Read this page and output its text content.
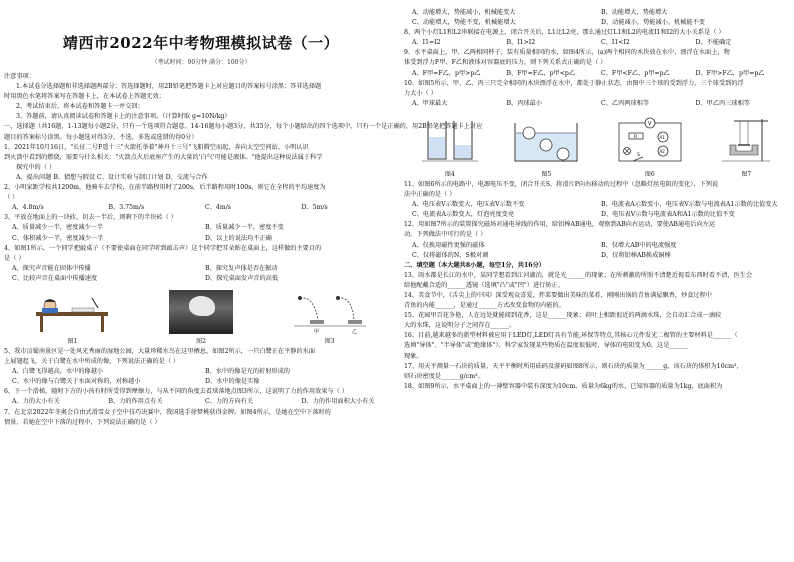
靖西市2022年中考物理模拟试卷（一）
（考试时间：90分钟 满分：100分）
注意事项：
1.本试卷分选择题和非选择题两部分；答选择题时，用2B铅笔把答题卡上对应题目的答案标号涂黑；答非选择题
时用黑色水笔将答案写在答题卡上，在本试卷上答题无效；
2、考试结束后，将本试卷和答题卡一并交回；
3、答题前，请认真阅读试卷和答题卡上的注意事项。（计算时取 g=10N/kg）
一、选择题（共16题，1-13题每小题2分，只有一个选项符合题意。14-16题每小题3分，共35分，每个小题给出的四个选项中，只有一个是正确的，用2B铅笔把答题卡上对应
题目的答案标号涂黑。每小题选对得3分，不选、多选或选错的得0分）
1、2021年10月16日，"长征二号F遥十三"火箭托举着"神舟十三号"飞船腾空而起，奔向太空空间站。小明认识
到火箭中看到的燃烧，需要与什么相关："火箭点火后底座产生的大量的'白气'可能是液体。"他提出这种说法属于科学
探究中的（ ）
A、提出问题 B、猜想与假设 C、设计实验与制订计划 D、交流与合作
2、小明家距学校共1200m，他骑车去学校，在前半路程用时了200s，后半路程用时100s，则它在全程的平均速度为
（ ）
A、4.8m/s	B、3.75m/s	C、4m/s	D、5m/s
3、平放在地面上的一块砖，切去一半后，则剩下的半块砖（ ）
A、质量减少一半，密度减少一半	B、质量减少一半，密度不变
C、体积减少一半，密度减少一半	D、以上的说法均不正确
4、如图1所示，一个同学把敲桌子（不要使桌面在同学听到敲击声）这个同学把耳朵贴在桌面上，这样做的主要目的
是（ ）
A、探究声音能在固体中传播	B、探究发声体是否在振动
C、比较声音在桌面中传播速度	D、探究桌面发声音的高低
图1	图2
甲	乙
图3
5、我市涪蜀南景区是一处风光秀丽的湿地公园，大量珍稀水鸟在这里栖息，如图2所示，一只白鹭正在平静的水面
上展翅起飞，关于白鹭在水中所成的像，下列说法正确的是（ ）
A、白鹭飞得越高，水中的像越小	B、水中的像是光的折射形成的
C、水中的像与白鹭关于水面对称的，对称越小	D、水中的像是实像
6、下一个滑梯，随时下方的小孩有时所受得到摩擦力，与从不同的角度去看球落地点图3所示，这说明了力的作用效果与（ ）
A、力的大小有关	B、力的作用点有关	C、力的方向有关	D、力的作用面积大小有关
7、在北京2022年冬奥会自由式滑雪女子空中技巧决赛中，我国选手徐梦桃获得金牌。如图4所示，是她在空中下落时的
情景，若她在空中下落的过程中，下列说法正确的是（ ）
A、动能增大，势能减小，机械能变大	B、动能增大，势能增大
C、动能增大，势能不变，机械能增大	D、动能减小，势能减小，机械能不变
8、两个小灯L1和L2串联接在电源上，闭合开关后，L1比L2亮，那么通过灯L1和L2的电流I1和I2的大小关系是（ ）
A、I1=I2	B、I1>I2	C、I1<I2	D、不能确定
9、水平桌面上，甲、乙两相同杯子，装有质量相同的水，如图4所示，(a)两个相同的木块放在水中，漂浮在水面上，物
体受到浮力F甲、F乙和液体对容器底的压力，则下列关系式正确的是（ ）
A、F甲=F乙，p甲>p乙	B、F甲=F乙，p甲<p乙	C、F甲<F乙，p甲=p乙	D、F甲>F乙，p甲=p乙
10、如图5所示，甲、乙、丙三只完全相同的木块漂浮在水中，都处于静止状态，由图中三个球的受到浮力，三个球受到的浮
力大小（ ）
A、甲球最大	B、丙球最小	C、乙丙两球相等	D、甲乙丙三球相等
图4	图5
V
A1
A2
R
S
图6	图7
11、如图6所示的电路中，电源电压不变，闭合开关S，将滑片P向右移动的过程中（忽略灯丝电阻的变化），下列说
法中正确的是（ ）
A、电压表V示数变大，电压表V示数不变	B、电流表A示数变小，电压表V示数与电流表A1示数的比值变大
C、电流表A示数变大，灯泡亮度变亮	D、电压表V示数与电流表A和A1示数的比值不变
12、用如图7所示的装置探究磁场对通电导线的作用，给铝棒AB通电，观察到AB向右运动，要使AB通电后向左运
动，下列做法中可行的是（ ）
A、仅换用磁性更强的磁体	B、仅增大AB中的电流强度
C、仅将磁体的N、S极对调	D、仅将铝棒AB换成铜棒
二、填空题（本大题共8小题，每空1分，共16分）
13、雨水都是长江的水中，某同学想看到江河湖泊，就是光______的现象；在所刺激的所照不清楚近视看东西时看不清，医生会
给他配戴合适的______透镜（选填"凸"或"凹"）进行矫正。
14、美食节中，《舌尖上的中国》深受观众喜爱，拌菜要做出美味的菜肴，刚刚出锅的青鱼满屋飘香，炒食过程中
青鱼的内能______，是通过______方式改变食物的内能的。
15、花园里百花争艳，人在远处就能闻到花香，这是______现象；荷叶上相距很近的两滴水珠，会自动汇合成一滴较
大的水珠，这说明分子之间存在______。
16、目前,越来越多的新型材料被应用于LED灯,LED灯具有节能,环保等特点,其核心元件发光二极管的主要材料是______（
选填"导体"、"半导体"或"绝缘体"）。科学家发现某些物质在温度很低时，导体的电阻变为0，这是______
现象。
17、用天平测量一石块的质量，天平平衡时所用砝码及游码如图8所示，则石块的质量为______g，该石块的体积为10cm³，
则石块密度是______g/cm³。
18、如图9所示，水平桌面上的一薄壁容器中装有深度为10cm、质量为6kg的水，已知容器的质量为1kg，底面积为
